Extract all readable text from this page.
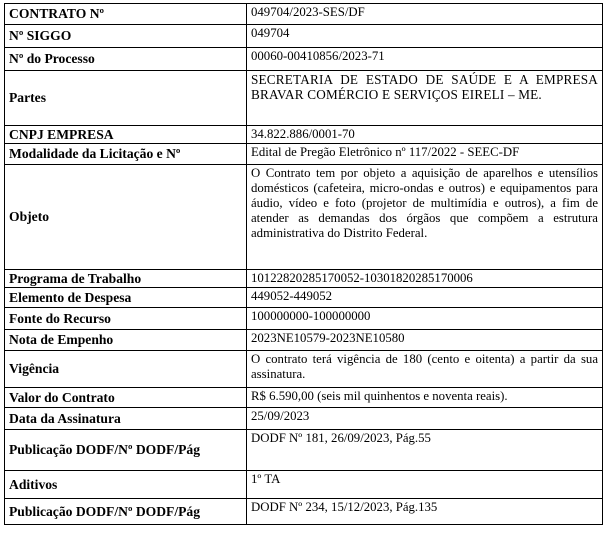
CONTRATO Nº	049704/2023-SES/DF
Nº SIGGO	049704
Nº do Processo	00060-00410856/2023-71
Partes	SECRETARIA DE ESTADO DE SAÚDE E A EMPRESA BRAVAR COMÉRCIO E SERVIÇOS EIRELI – ME.
CNPJ EMPRESA	34.822.886/0001-70
Modalidade da Licitação e Nº	Edital de Pregão Eletrônico nº 117/2022 - SEEC-DF
Objeto	O Contrato tem por objeto a aquisição de aparelhos e utensílios domésticos (cafeteira, micro-ondas e outros) e equipamentos para áudio, vídeo e foto (projetor de multimídia e outros), a fim de atender as demandas dos órgãos que compõem a estrutura administrativa do Distrito Federal.
Programa de Trabalho	10122820285170052-10301820285170006
Elemento de Despesa	449052-449052
Fonte do Recurso	100000000-100000000
Nota de Empenho	2023NE10579-2023NE10580
Vigência	O contrato terá vigência de 180 (cento e oitenta) a partir da sua assinatura.
Valor do Contrato	R$ 6.590,00 (seis mil quinhentos e noventa reais).
Data da Assinatura	25/09/2023
Publicação DODF/Nº DODF/Pág	DODF Nº 181, 26/09/2023, Pág.55
Aditivos	1º TA
Publicação DODF/Nº DODF/Pág	DODF Nº 234, 15/12/2023, Pág.135
